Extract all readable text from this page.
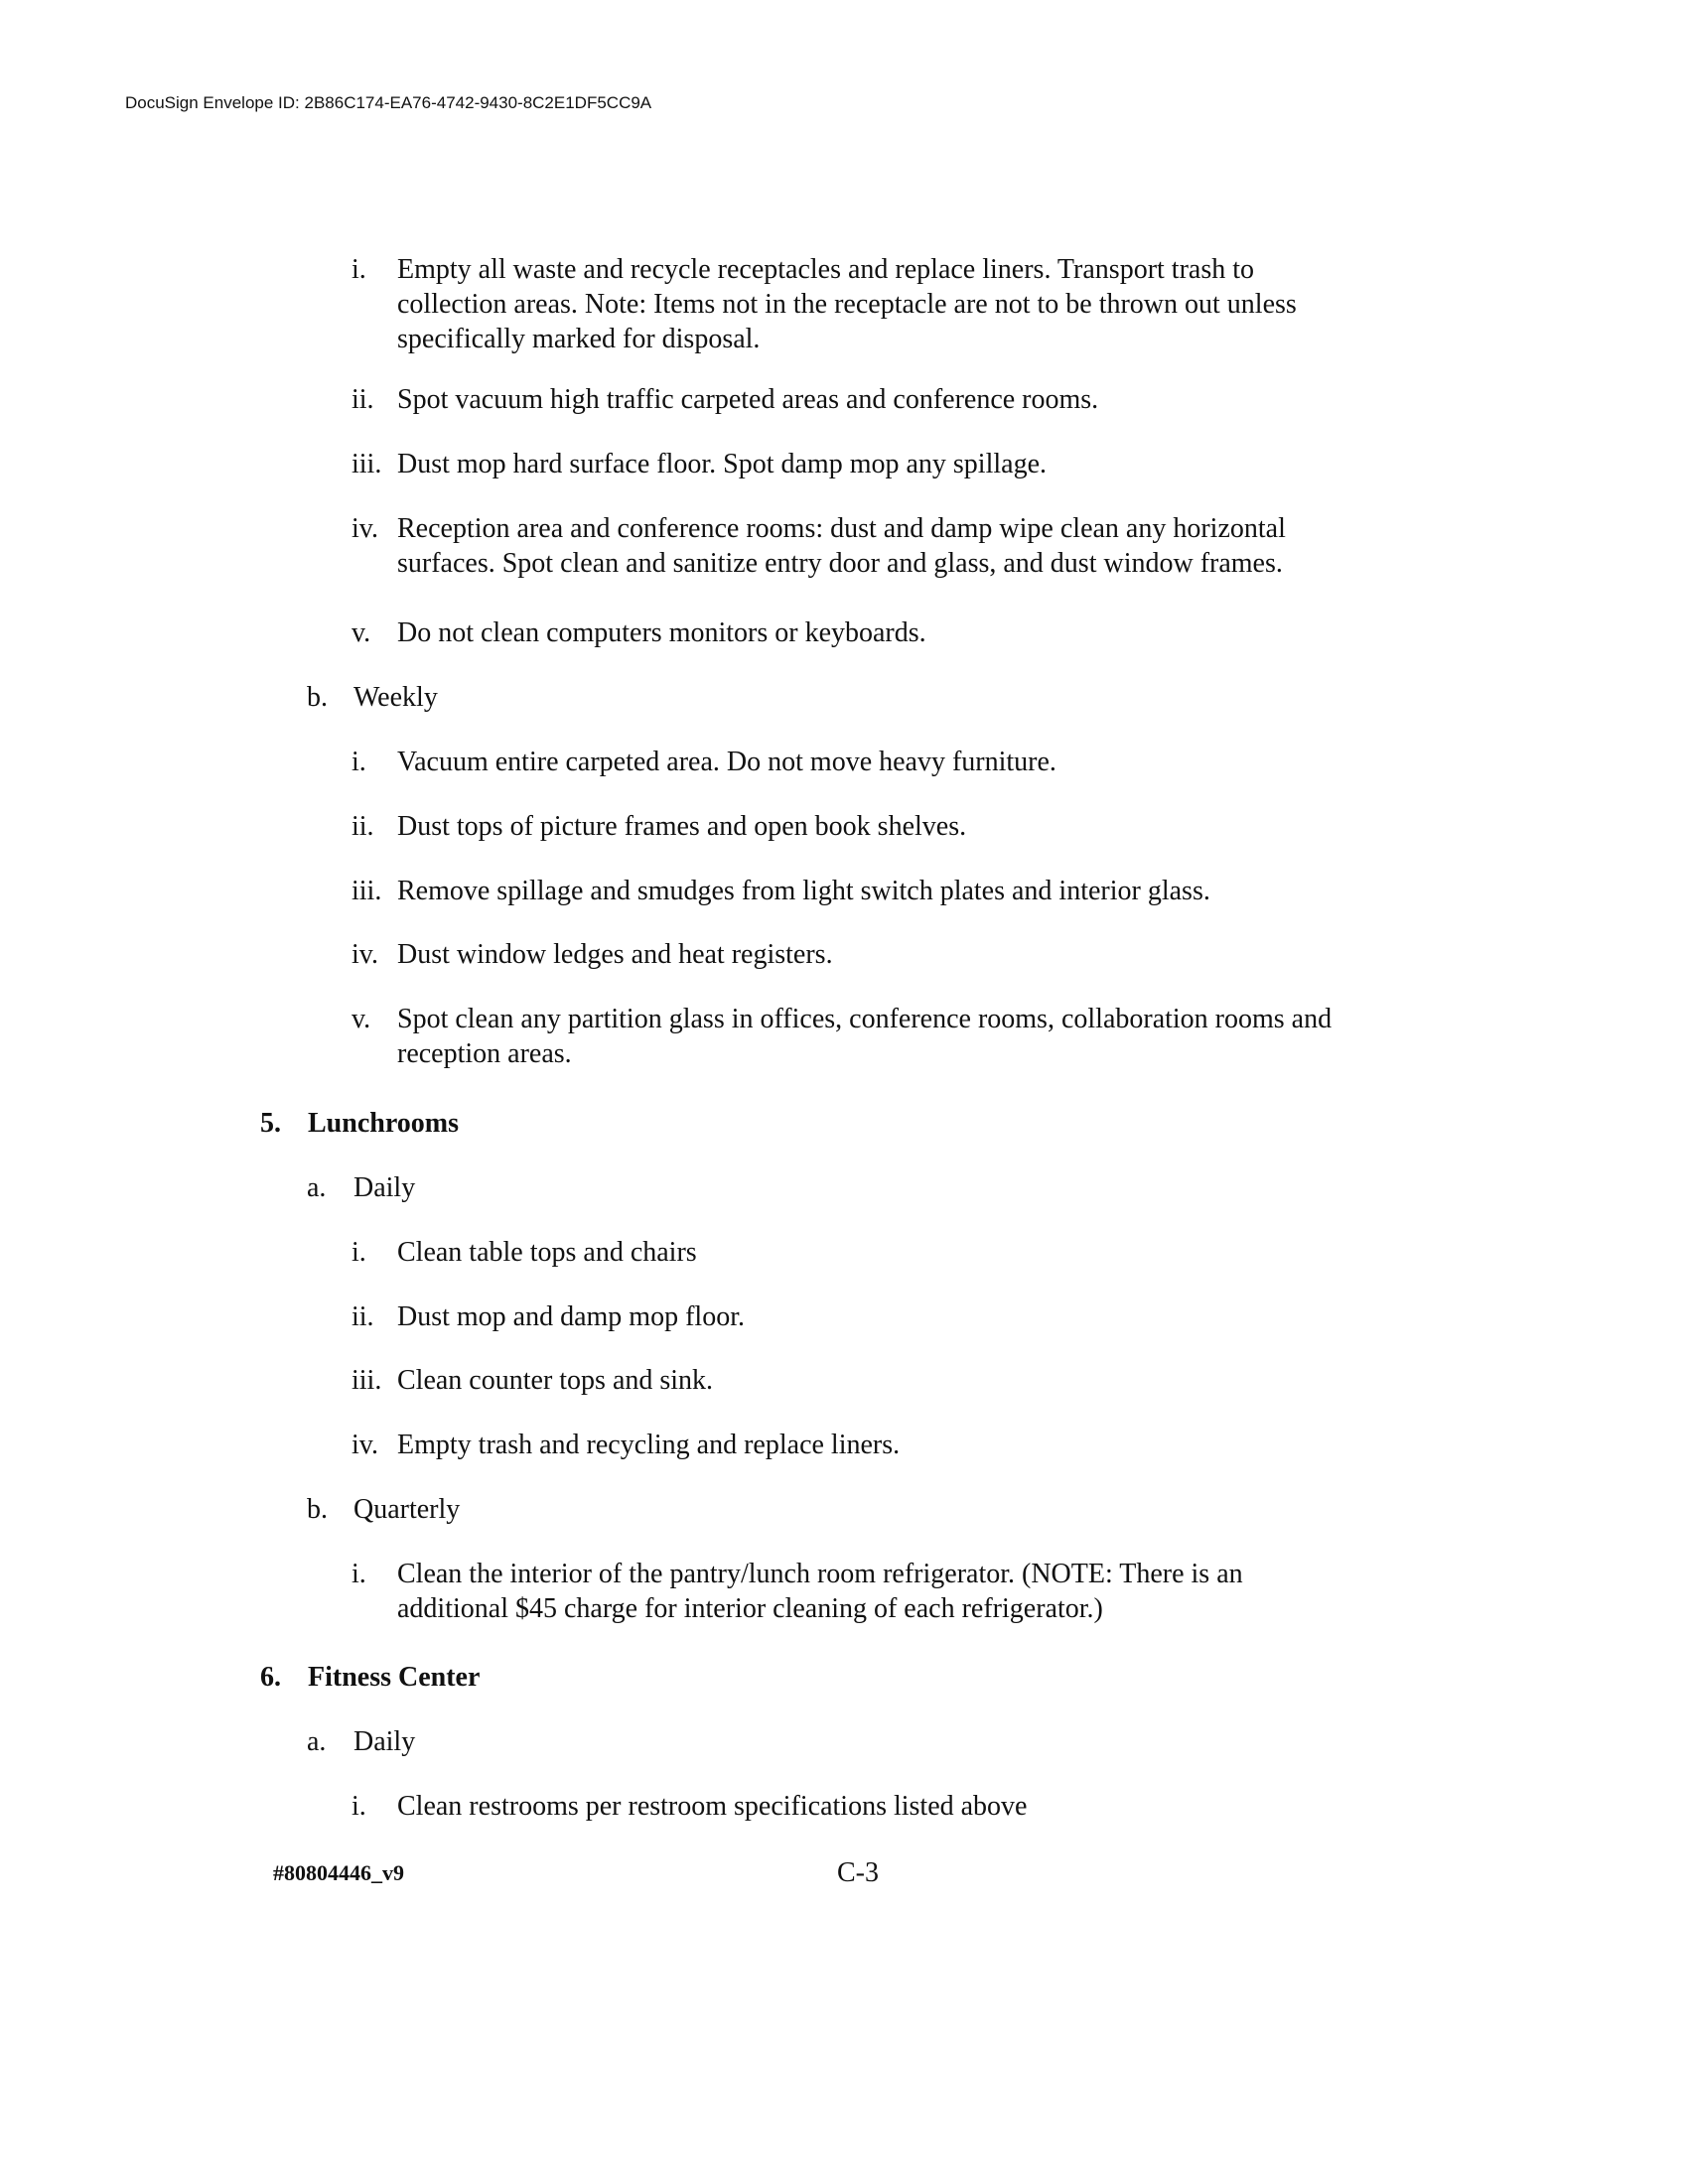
DocuSign Envelope ID: 2B86C174-EA76-4742-9430-8C2E1DF5CC9A
i. Empty all waste and recycle receptacles and replace liners. Transport trash to
collection areas. Note: Items not in the receptacle are not to be thrown out unless
specifically marked for disposal.
ii. Spot vacuum high traffic carpeted areas and conference rooms.
iii. Dust mop hard surface floor. Spot damp mop any spillage.
iv. Reception area and conference rooms: dust and damp wipe clean any horizontal
surfaces. Spot clean and sanitize entry door and glass, and dust window frames.
v. Do not clean computers monitors or keyboards.
b. Weekly
i. Vacuum entire carpeted area. Do not move heavy furniture.
ii. Dust tops of picture frames and open book shelves.
iii. Remove spillage and smudges from light switch plates and interior glass.
iv. Dust window ledges and heat registers.
v. Spot clean any partition glass in offices, conference rooms, collaboration rooms and
reception areas.
5. Lunchrooms
a. Daily
i. Clean table tops and chairs
ii. Dust mop and damp mop floor.
iii. Clean counter tops and sink.
iv. Empty trash and recycling and replace liners.
b. Quarterly
i. Clean the interior of the pantry/lunch room refrigerator. (NOTE: There is an
additional $45 charge for interior cleaning of each refrigerator.)
6. Fitness Center
a. Daily
i. Clean restrooms per restroom specifications listed above
#80804446_v9	C-3
